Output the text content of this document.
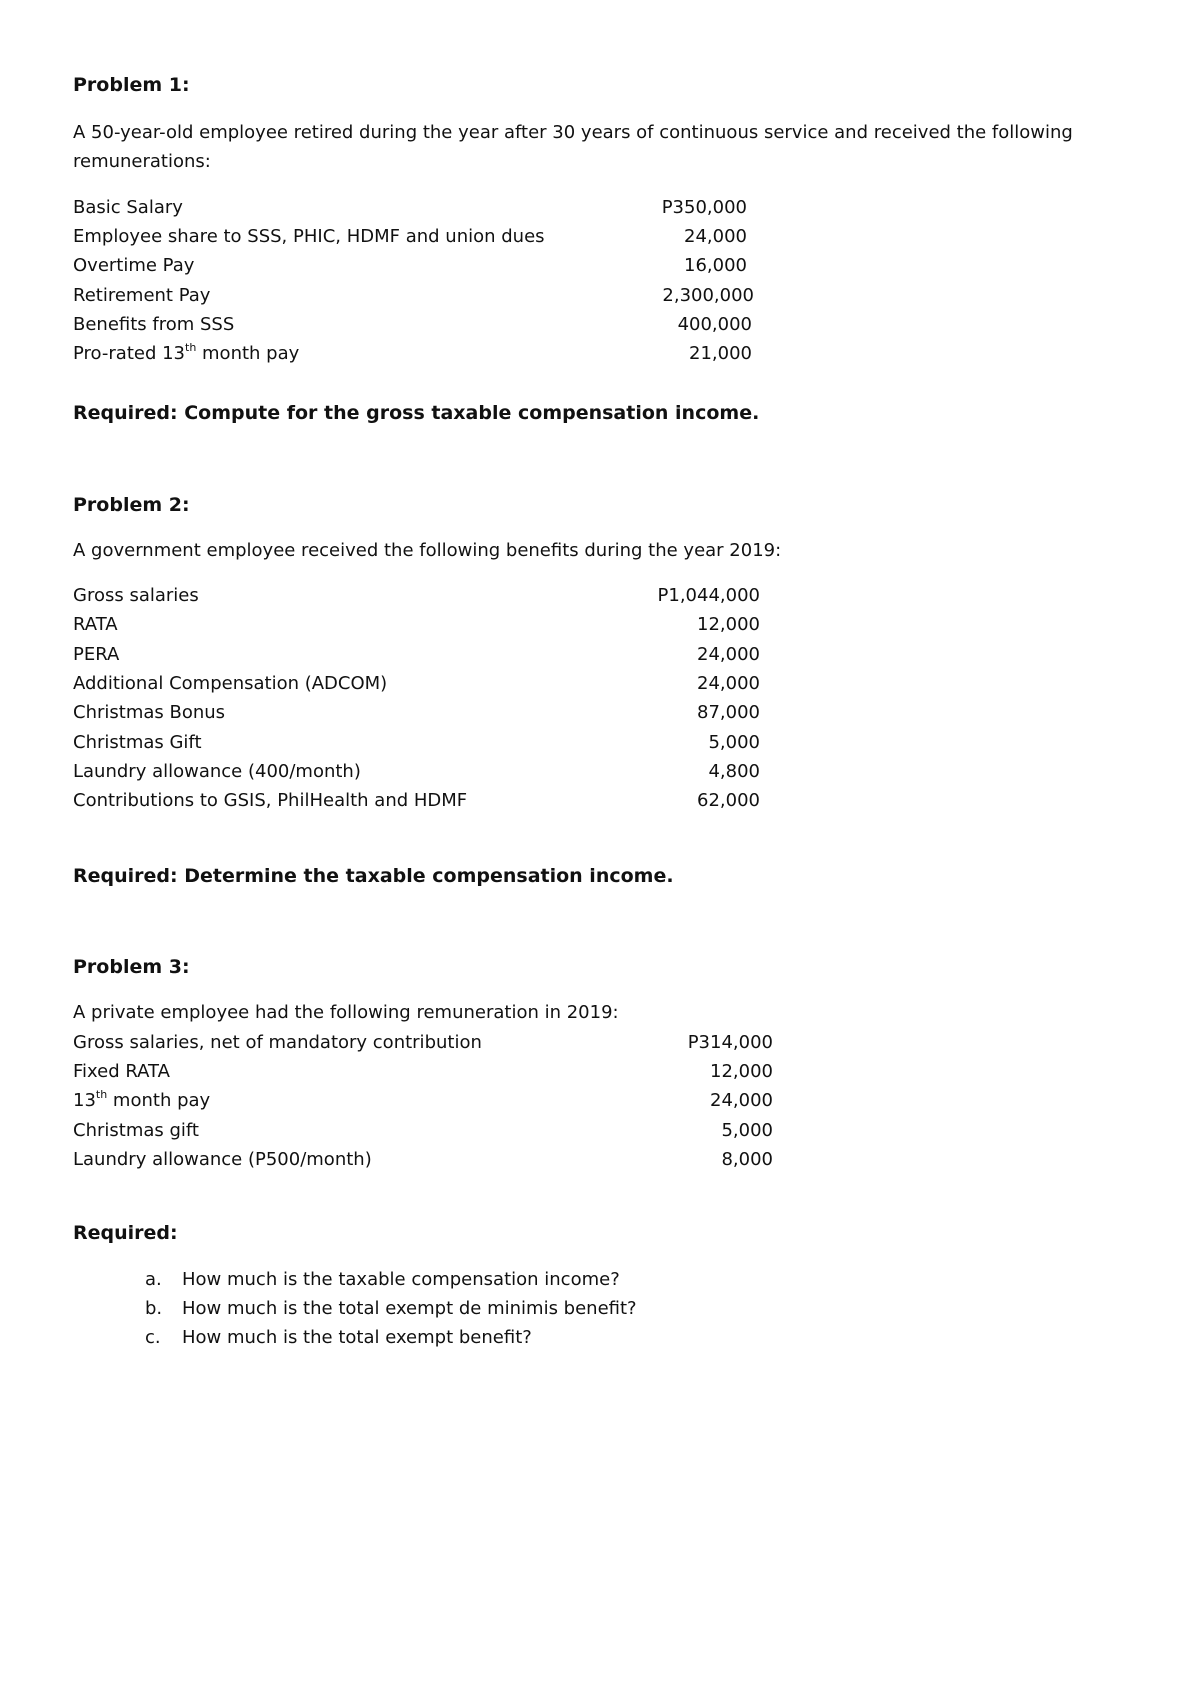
Problem 1:
A 50-year-old employee retired during the year after 30 years of continuous service and received the following
remunerations:
Basic Salary	P350,000
Employee share to SSS, PHIC, HDMF and union dues	24,000
Overtime Pay	16,000
Retirement Pay	2,300,000
Benefits from SSS	400,000
Pro-rated 13th month pay	21,000
Required: Compute for the gross taxable compensation income.
Problem 2:
A government employee received the following benefits during the year 2019:
Gross salaries	P1,044,000
RATA	12,000
PERA	24,000
Additional Compensation (ADCOM)	24,000
Christmas Bonus	87,000
Christmas Gift	5,000
Laundry allowance (400/month)	4,800
Contributions to GSIS, PhilHealth and HDMF	62,000
Required: Determine the taxable compensation income.
Problem 3:
A private employee had the following remuneration in 2019:
Gross salaries, net of mandatory contribution	P314,000
Fixed RATA	12,000
13th month pay	24,000
Christmas gift	5,000
Laundry allowance (P500/month)	8,000
Required:
a. How much is the taxable compensation income?
b. How much is the total exempt de minimis benefit?
c. How much is the total exempt benefit?
